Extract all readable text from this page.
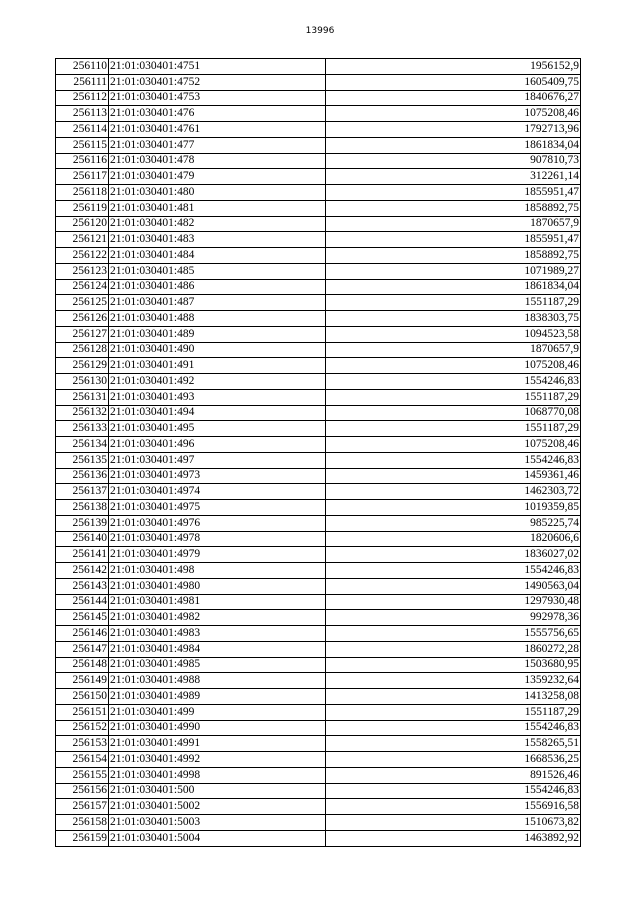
13996
256110	21:01:030401:4751	1956152,9
256111	21:01:030401:4752	1605409,75
256112	21:01:030401:4753	1840676,27
256113	21:01:030401:476	1075208,46
256114	21:01:030401:4761	1792713,96
256115	21:01:030401:477	1861834,04
256116	21:01:030401:478	907810,73
256117	21:01:030401:479	312261,14
256118	21:01:030401:480	1855951,47
256119	21:01:030401:481	1858892,75
256120	21:01:030401:482	1870657,9
256121	21:01:030401:483	1855951,47
256122	21:01:030401:484	1858892,75
256123	21:01:030401:485	1071989,27
256124	21:01:030401:486	1861834,04
256125	21:01:030401:487	1551187,29
256126	21:01:030401:488	1838303,75
256127	21:01:030401:489	1094523,58
256128	21:01:030401:490	1870657,9
256129	21:01:030401:491	1075208,46
256130	21:01:030401:492	1554246,83
256131	21:01:030401:493	1551187,29
256132	21:01:030401:494	1068770,08
256133	21:01:030401:495	1551187,29
256134	21:01:030401:496	1075208,46
256135	21:01:030401:497	1554246,83
256136	21:01:030401:4973	1459361,46
256137	21:01:030401:4974	1462303,72
256138	21:01:030401:4975	1019359,85
256139	21:01:030401:4976	985225,74
256140	21:01:030401:4978	1820606,6
256141	21:01:030401:4979	1836027,02
256142	21:01:030401:498	1554246,83
256143	21:01:030401:4980	1490563,04
256144	21:01:030401:4981	1297930,48
256145	21:01:030401:4982	992978,36
256146	21:01:030401:4983	1555756,65
256147	21:01:030401:4984	1860272,28
256148	21:01:030401:4985	1503680,95
256149	21:01:030401:4988	1359232,64
256150	21:01:030401:4989	1413258,08
256151	21:01:030401:499	1551187,29
256152	21:01:030401:4990	1554246,83
256153	21:01:030401:4991	1558265,51
256154	21:01:030401:4992	1668536,25
256155	21:01:030401:4998	891526,46
256156	21:01:030401:500	1554246,83
256157	21:01:030401:5002	1556916,58
256158	21:01:030401:5003	1510673,82
256159	21:01:030401:5004	1463892,92
